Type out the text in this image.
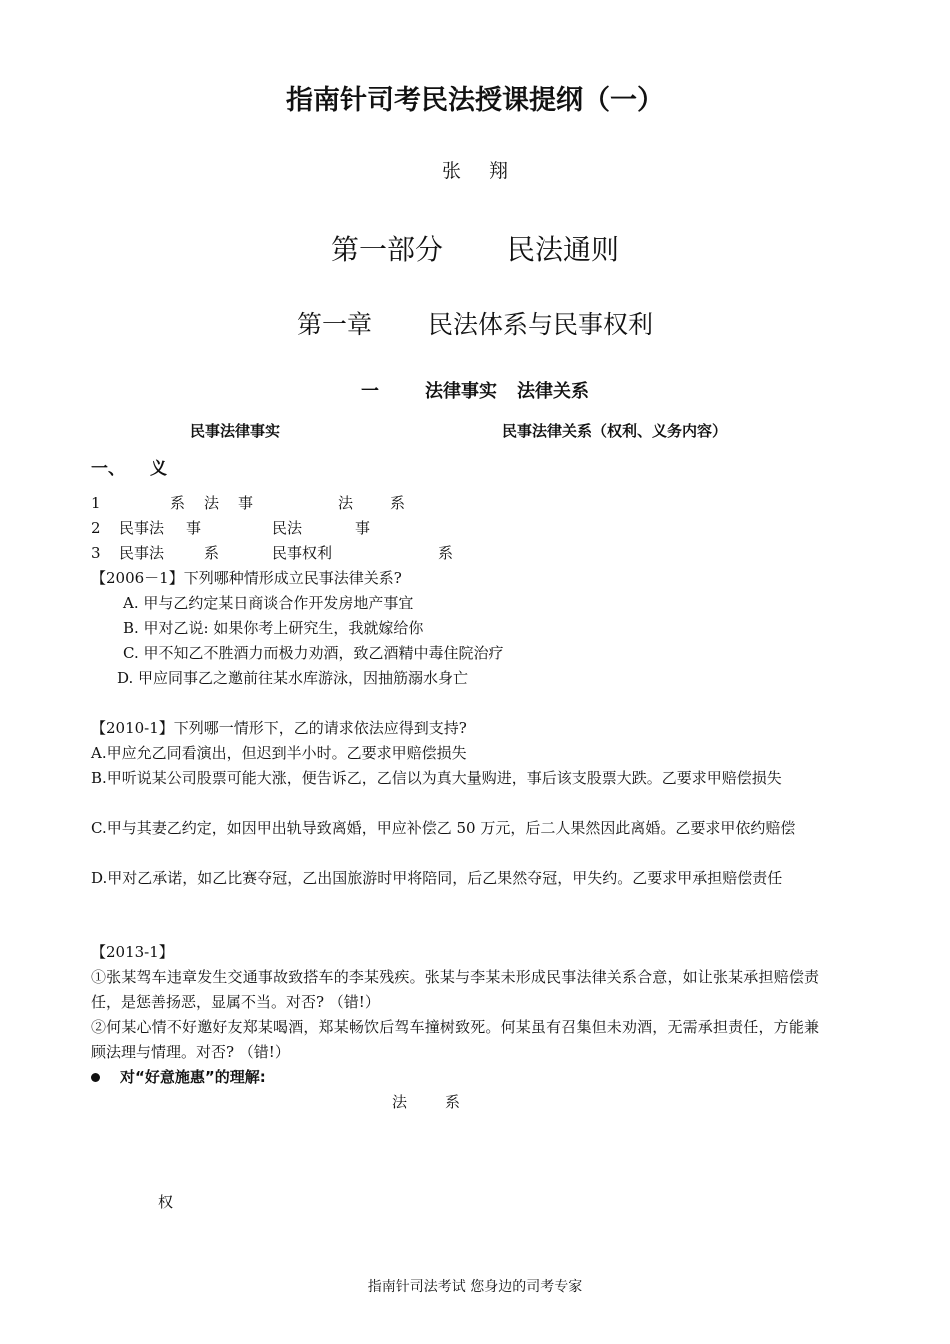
指南针司考民法授课提纲（一）
张 翔
第一部分 民法通则
第一章 民法体系与民事权利
一	法律事实 法律关系
民事法律事实	民事法律关系（权利、义务内容）
一、 义
1	系 法 事	法 系
2 民事法 事	民法	事
3 民事法	系	民事权利	系
【2006－1】下列哪种情形成立民事法律关系?
A. 甲与乙约定某日商谈合作开发房地产事宜
B. 甲对乙说: 如果你考上研究生，我就嫁给你
C. 甲不知乙不胜酒力而极力劝酒，致乙酒精中毒住院治疗
D. 甲应同事乙之邀前往某水库游泳，因抽筋溺水身亡
【2010-1】下列哪一情形下，乙的请求依法应得到支持?
A.甲应允乙同看演出，但迟到半小时。乙要求甲赔偿损失
B.甲听说某公司股票可能大涨，便告诉乙，乙信以为真大量购进，事后该支股票大跌。乙要求甲赔偿损失
C.甲与其妻乙约定，如因甲出轨导致离婚，甲应补偿乙 50 万元，后二人果然因此离婚。乙要求甲依约赔偿
D.甲对乙承诺，如乙比赛夺冠，乙出国旅游时甲将陪同，后乙果然夺冠，甲失约。乙要求甲承担赔偿责任
【2013-1】
①张某驾车违章发生交通事故致搭车的李某残疾。张某与李某未形成民事法律关系合意，如让张某承担赔偿责任，是惩善扬恶，显属不当。对否? （错!）
②何某心情不好邀好友郑某喝酒，郑某畅饮后驾车撞树致死。何某虽有召集但未劝酒，无需承担责任，方能兼顾法理与情理。对否? （错!）
对“好意施惠”的理解:
法	系
权
指南针司法考试 您身边的司考专家
